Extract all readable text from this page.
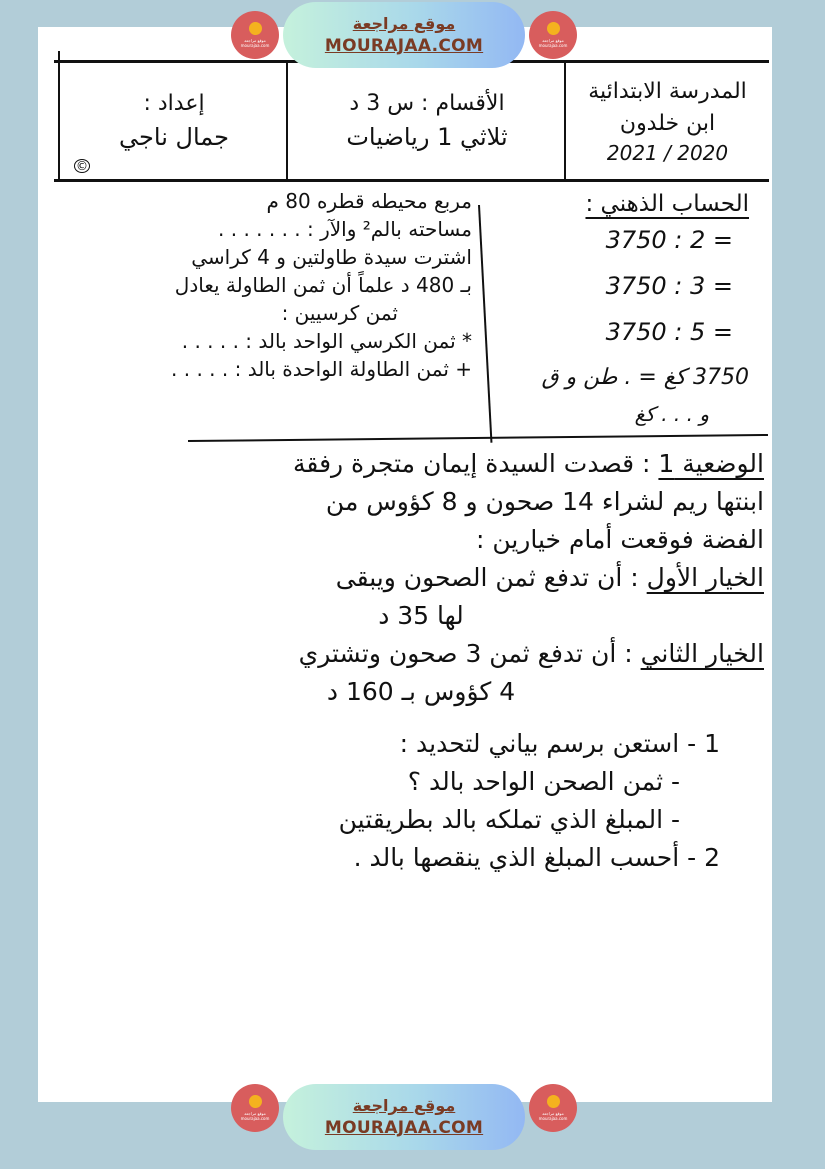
المدرسة الابتدائية
ابن خلدون
2021 / 2020
الأقسام : س 3 د
ثلاثي 1 رياضيات
إعداد :
جمال ناجي
©
الحساب الذهني :
3750 : 2 =
3750 : 3 =
3750 : 5 =
3750 كغ = . طن و ق
و . . . كغ

مربع محيطه قطره 80 م

مساحته بالم² والآر : . . . . . . .

اشترت سيدة طاولتين و 4 كراسي

بـ 480 د علماً أن ثمن الطاولة يعادل

ثمن كرسيين :

* ثمن الكرسي الواحد بالد : . . . . .

+ ثمن الطاولة الواحدة بالد : . . . . .

الوضعية 1 : قصدت السيدة إيمان متجرة رفقة

ابنتها ريم لشراء 14 صحون و 8 كؤوس من

الفضة فوقعت أمام خيارين :

الخيار الأول : أن تدفع ثمن الصحون ويبقى

لها 35 د

الخيار الثاني : أن تدفع ثمن 3 صحون وتشتري

4 كؤوس بـ 160 د

1 - استعن برسم بياني لتحديد :

- ثمن الصحن الواحد بالد ؟

- المبلغ الذي تملكه بالد بطريقتين

2 - أحسب المبلغ الذي ينقصها بالد .

موقع مراجعة mourajaa.com
موقع مراجعة
MOURAJAA.COM	موقع مراجعة mourajaa.com
موقع مراجعة mourajaa.com
موقع مراجعة
MOURAJAA.COM
موقع مراجعة mourajaa.com
